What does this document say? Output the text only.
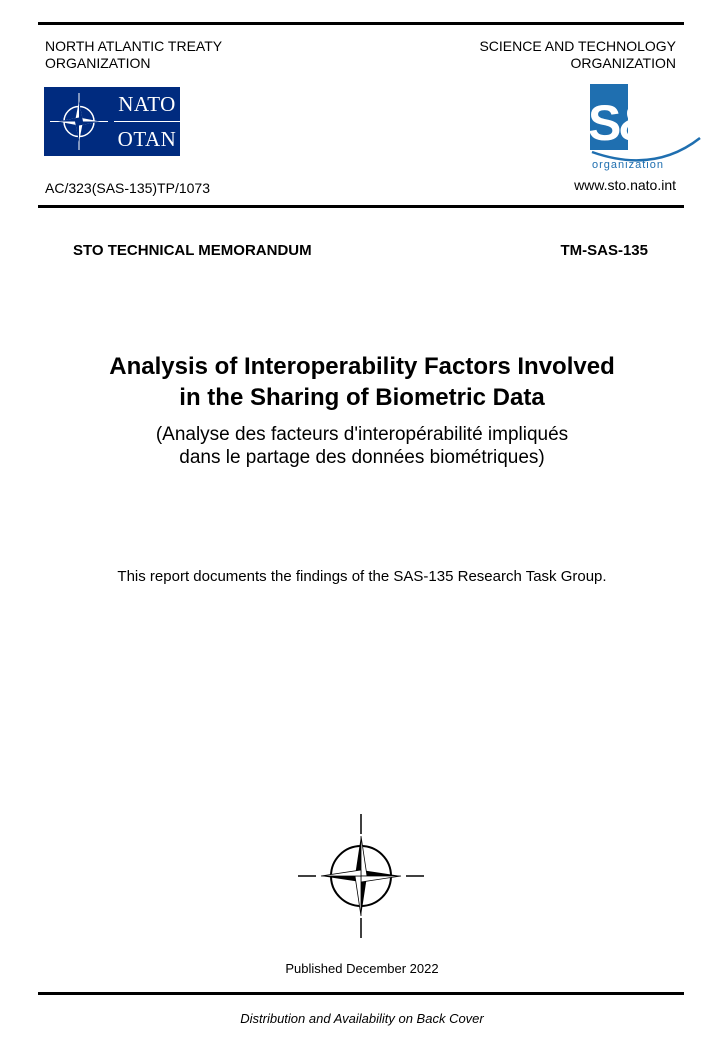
NORTH ATLANTIC TREATY
ORGANIZATION
SCIENCE AND TECHNOLOGY
ORGANIZATION
NATO
OTAN	S&T
organization
AC/323(SAS-135)TP/1073	www.sto.nato.int
STO TECHNICAL MEMORANDUM	TM-SAS-135
Analysis of Interoperability Factors Involved
in the Sharing of Biometric Data
(Analyse des facteurs d'interopérabilité impliqués
dans le partage des données biométriques)
This report documents the findings of the SAS-135 Research Task Group.
Published December 2022
Distribution and Availability on Back Cover
